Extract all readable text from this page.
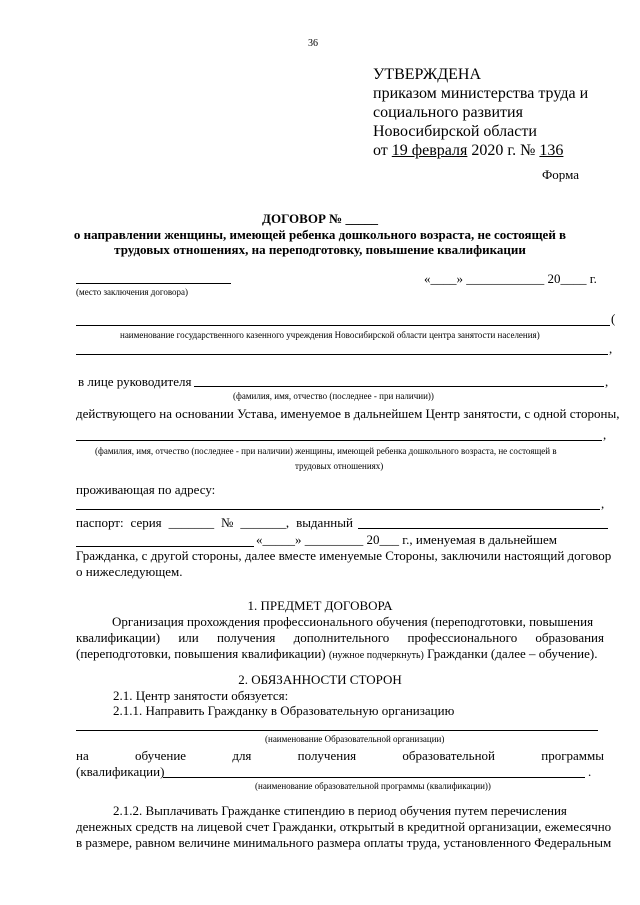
36
УТВЕРЖДЕНА
приказом министерства труда и
социального развития
Новосибирской области
от 19 февраля 2020 г. № 136
Форма
ДОГОВОР № _____
о направлении женщины, имеющей ребенка дошкольного возраста, не состоящей в
трудовых отношениях, на переподготовку, повышение квалификации
(место заключения договора)
«____» ____________ 20____ г.
(
наименование государственного казенного учреждения Новосибирской области центра занятости населения)
,
в лице руководителя	,
(фамилия, имя, отчество (последнее - при наличии))
действующего на основании Устава, именуемое в дальнейшем Центр занятости, с одной стороны,
,
(фамилия, имя, отчество (последнее - при наличии) женщины, имеющей ребенка дошкольного возраста, не состоящей в
трудовых отношениях)
проживающая по адресу:
,
паспорт: серия _______ № _______, выданный
«_____» _________ 20___ г., именуемая в дальнейшем
Гражданка, с другой стороны, далее вместе именуемые Стороны, заключили настоящий договор
о нижеследующем.
1. ПРЕДМЕТ ДОГОВОРА
Организация прохождения профессионального обучения (переподготовки, повышения
квалификации) или получения дополнительного профессионального образования
(переподготовки, повышения квалификации) (нужное подчеркнуть) Гражданки (далее – обучение).
2. ОБЯЗАННОСТИ СТОРОН
2.1. Центр занятости обязуется:
2.1.1. Направить Гражданку в Образовательную организацию
(наименование Образовательной организации)
на	обучение	для	получения	образовательной	программы
(квалификации)	.
(наименование образовательной программы (квалификации))
2.1.2. Выплачивать Гражданке стипендию в период обучения путем перечисления
денежных средств на лицевой счет Гражданки, открытый в кредитной организации, ежемесячно
в размере, равном величине минимального размера оплаты труда, установленного Федеральным
